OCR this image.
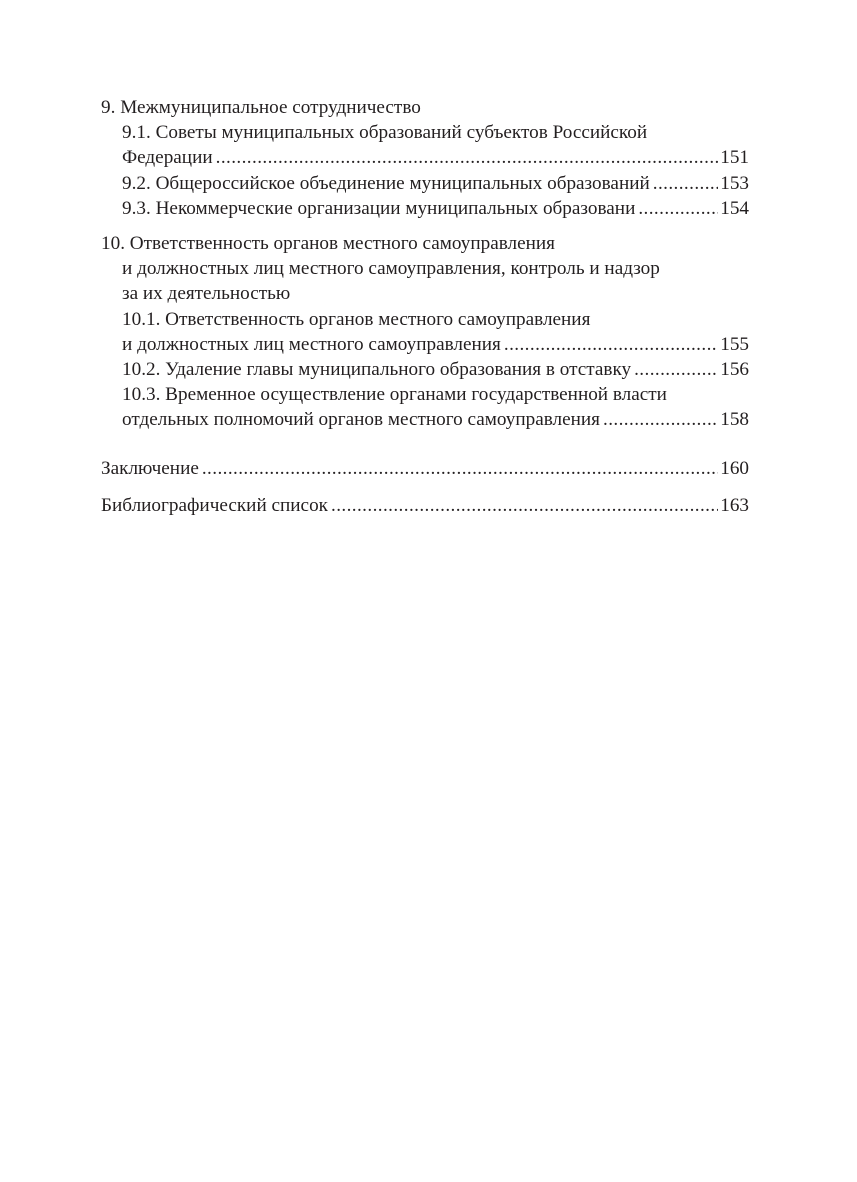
9. Межмуниципальное сотрудничество
9.1. Советы муниципальных образований субъектов Российской
Федерации .....	151
9.2. Общероссийское объединение муниципальных образований .....	153
9.3. Некоммерческие организации муниципальных образовани .....	154
10. Ответственность органов местного самоуправления
и должностных лиц местного самоуправления, контроль и надзор
за их деятельностью
10.1. Ответственность органов местного самоуправления
и должностных лиц местного самоуправления .....	155
10.2. Удаление главы муниципального образования в отставку .....	156
10.3. Временное осуществление органами государственной власти
отдельных полномочий органов местного самоуправления .....	158
Заключение .....	160
Библиографический список .....	163
